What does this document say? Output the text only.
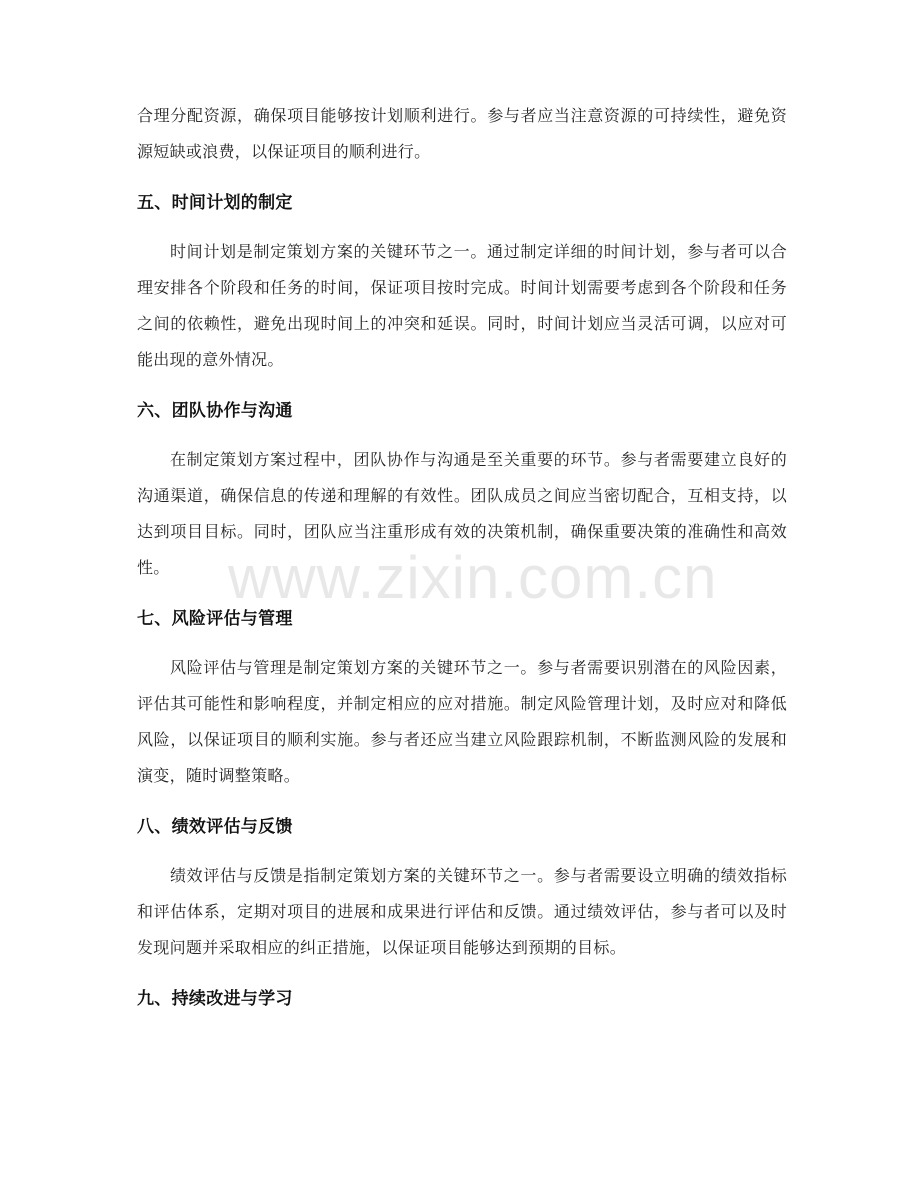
合理分配资源，确保项目能够按计划顺利进行。参与者应当注意资源的可持续性，避免资源短缺或浪费，以保证项目的顺利进行。

五、时间计划的制定

时间计划是制定策划方案的关键环节之一。通过制定详细的时间计划，参与者可以合理安排各个阶段和任务的时间，保证项目按时完成。时间计划需要考虑到各个阶段和任务之间的依赖性，避免出现时间上的冲突和延误。同时，时间计划应当灵活可调，以应对可能出现的意外情况。

六、团队协作与沟通

在制定策划方案过程中，团队协作与沟通是至关重要的环节。参与者需要建立良好的沟通渠道，确保信息的传递和理解的有效性。团队成员之间应当密切配合，互相支持，以达到项目目标。同时，团队应当注重形成有效的决策机制，确保重要决策的准确性和高效性。

七、风险评估与管理

风险评估与管理是制定策划方案的关键环节之一。参与者需要识别潜在的风险因素，评估其可能性和影响程度，并制定相应的应对措施。制定风险管理计划，及时应对和降低风险，以保证项目的顺利实施。参与者还应当建立风险跟踪机制，不断监测风险的发展和演变，随时调整策略。

八、绩效评估与反馈

绩效评估与反馈是指制定策划方案的关键环节之一。参与者需要设立明确的绩效指标和评估体系，定期对项目的进展和成果进行评估和反馈。通过绩效评估，参与者可以及时发现问题并采取相应的纠正措施，以保证项目能够达到预期的目标。

九、持续改进与学习
www.zixin.com.cn
